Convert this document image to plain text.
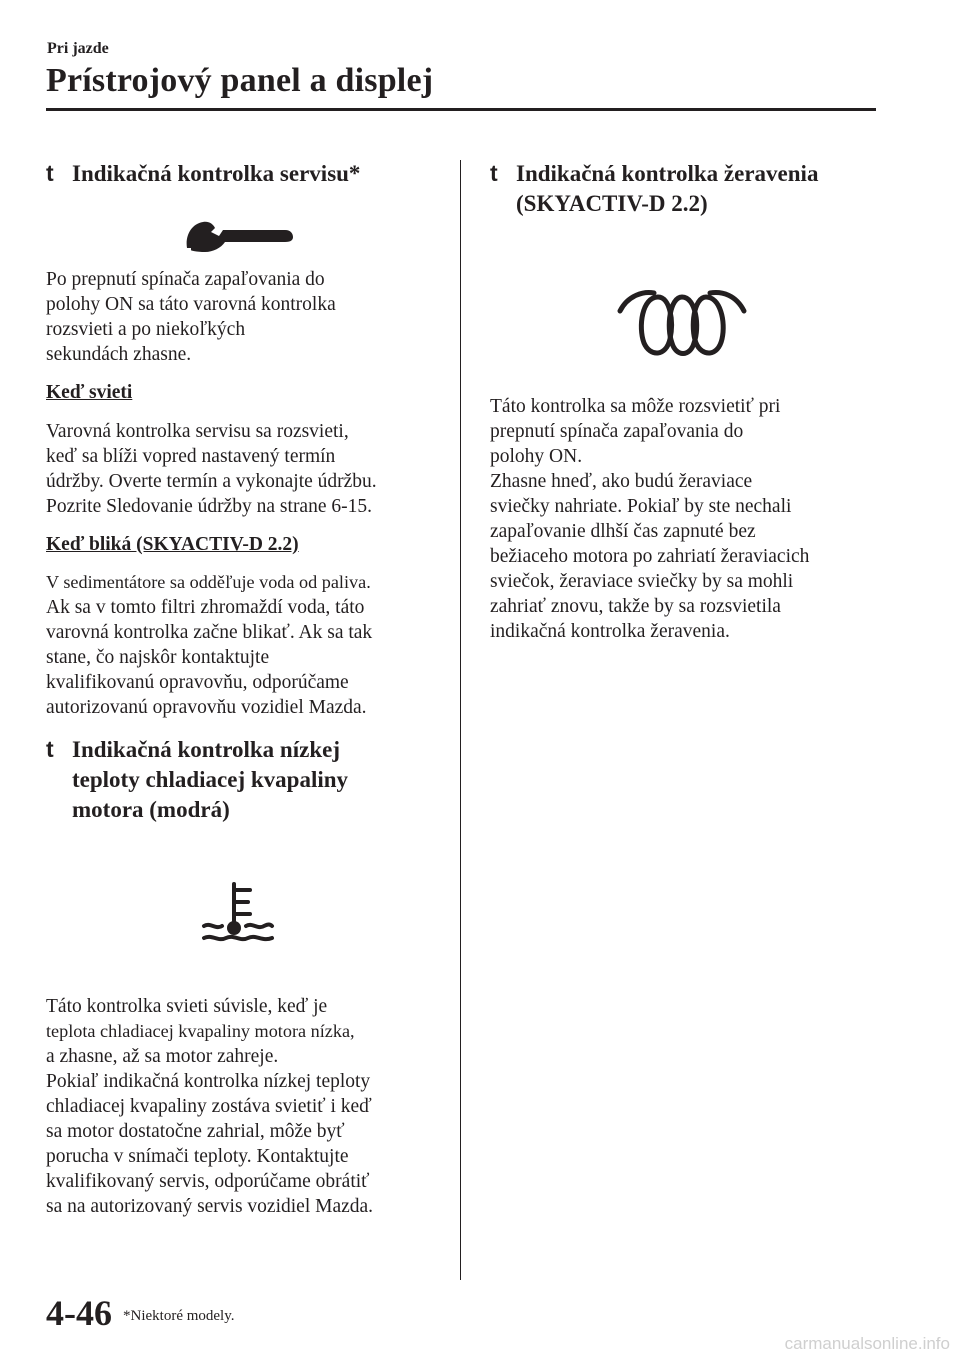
Pri jazde
Prístrojový panel a displej
t Indikačná kontrolka servisu*
Po prepnutí spínača zapaľovania do
polohy ON sa táto varovná kontrolka
rozsvieti a po niekoľkých
sekundách zhasne.
Keď svieti
Varovná kontrolka servisu sa rozsvieti,
keď sa blíži vopred nastavený termín
údržby. Overte termín a vykonajte údržbu.
Pozrite Sledovanie údržby na strane 6-15.
Keď bliká (SKYACTIV-D 2.2)
V sedimentátore sa odděľuje voda od paliva.
Ak sa v tomto filtri zhromaždí voda, táto
varovná kontrolka začne blikať. Ak sa tak
stane, čo najskôr kontaktujte
kvalifikovanú opravovňu, odporúčame
autorizovanú opravovňu vozidiel Mazda.
t Indikačná kontrolka nízkej
teploty chladiacej kvapaliny
motora (modrá)
Táto kontrolka svieti súvisle, keď je
teplota chladiacej kvapaliny motora nízka,
a zhasne, až sa motor zahreje.
Pokiaľ indikačná kontrolka nízkej teploty
chladiacej kvapaliny zostáva svietiť i keď
sa motor dostatočne zahrial, môže byť
porucha v snímači teploty. Kontaktujte
kvalifikovaný servis, odporúčame obrátiť
sa na autorizovaný servis vozidiel Mazda.
t Indikačná kontrolka žeravenia
(SKYACTIV-D 2.2)
Táto kontrolka sa môže rozsvietiť pri
prepnutí spínača zapaľovania do
polohy ON.
Zhasne hneď, ako budú žeraviace
sviečky nahriate. Pokiaľ by ste nechali
zapaľovanie dlhší čas zapnuté bez
bežiaceho motora po zahriatí žeraviacich
sviečok, žeraviace sviečky by sa mohli
zahriať znovu, takže by sa rozsvietila
indikačná kontrolka žeravenia.
4-46 *Niektoré modely.
carmanualsonline.info
